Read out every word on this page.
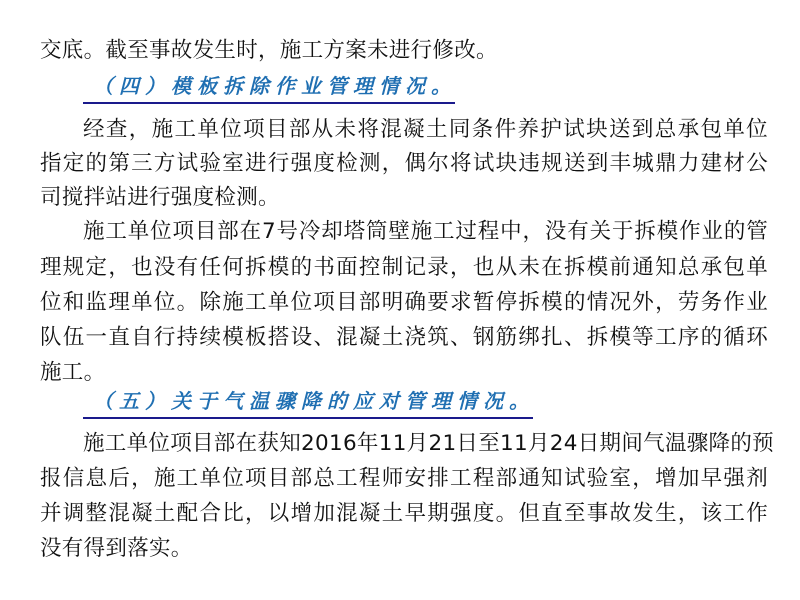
交底。截至事故发生时，施工方案未进行修改。
（四）模板拆除作业管理情况。
经查，施工单位项目部从未将混凝土同条件养护试块送到总承包单位
指定的第三方试验室进行强度检测，偶尔将试块违规送到丰城鼎力建材公
司搅拌站进行强度检测。
施工单位项目部在7号冷却塔筒壁施工过程中，没有关于拆模作业的管
理规定，也没有任何拆模的书面控制记录，也从未在拆模前通知总承包单
位和监理单位。除施工单位项目部明确要求暂停拆模的情况外，劳务作业
队伍一直自行持续模板搭设、混凝土浇筑、钢筋绑扎、拆模等工序的循环
施工。
（五）关于气温骤降的应对管理情况。
施工单位项目部在获知2016年11月21日至11月24日期间气温骤降的预
报信息后，施工单位项目部总工程师安排工程部通知试验室，增加早强剂
并调整混凝土配合比，以增加混凝土早期强度。但直至事故发生，该工作
没有得到落实。
